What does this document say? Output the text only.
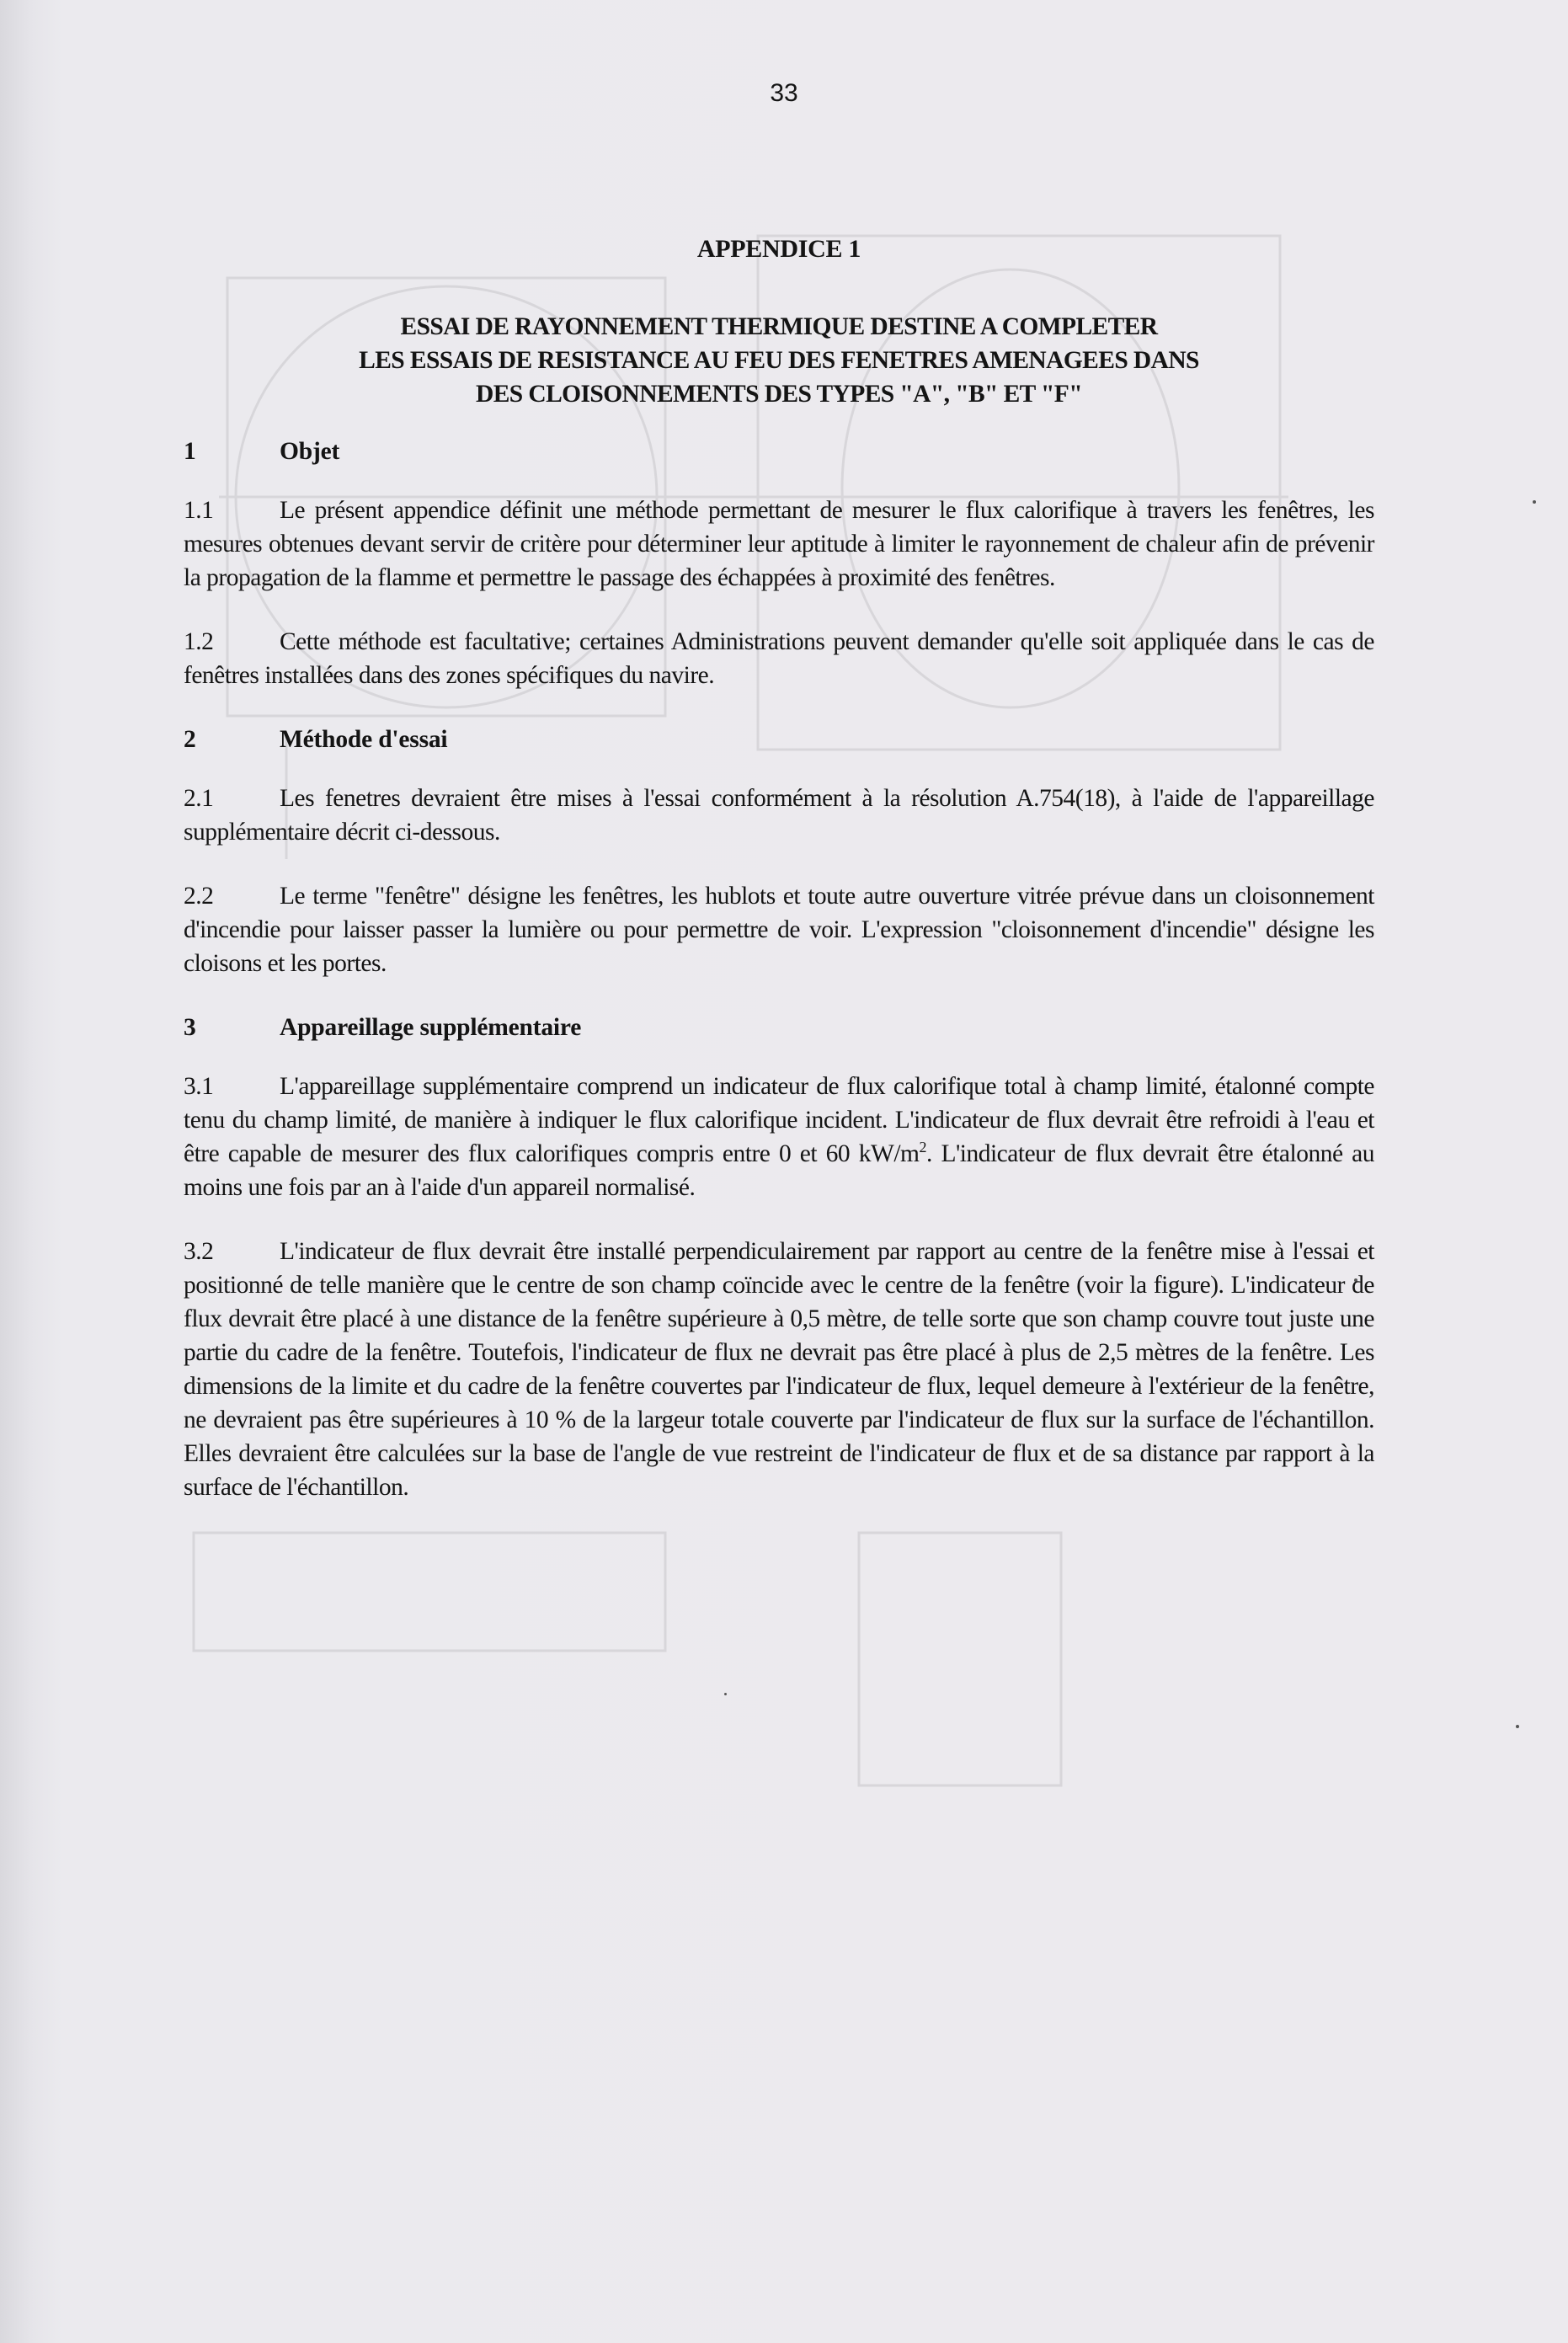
33
APPENDICE 1
ESSAI DE RAYONNEMENT THERMIQUE DESTINE A COMPLETER
LES ESSAIS DE RESISTANCE AU FEU DES FENETRES AMENAGEES DANS
DES CLOISONNEMENTS DES TYPES "A", "B" ET "F"
1	Objet

1.1	Le présent appendice définit une méthode permettant de mesurer le flux calorifique à travers les fenêtres, les mesures obtenues devant servir de critère pour déterminer leur aptitude à limiter le rayonnement de chaleur afin de prévenir la propagation de la flamme et permettre le passage des échappées à proximité des fenêtres.

1.2	Cette méthode est facultative; certaines Administrations peuvent demander qu'elle soit appliquée dans le cas de fenêtres installées dans des zones spécifiques du navire.

2	Méthode d'essai

2.1	Les fenetres devraient être mises à l'essai conformément à la résolution A.754(18), à l'aide de l'appareillage supplémentaire décrit ci-dessous.

2.2	Le terme "fenêtre" désigne les fenêtres, les hublots et toute autre ouverture vitrée prévue dans un cloisonnement d'incendie pour laisser passer la lumière ou pour permettre de voir. L'expression "cloisonnement d'incendie" désigne les cloisons et les portes.

3	Appareillage supplémentaire

3.1	L'appareillage supplémentaire comprend un indicateur de flux calorifique total à champ limité, étalonné compte tenu du champ limité, de manière à indiquer le flux calorifique incident. L'indicateur de flux devrait être refroidi à l'eau et être capable de mesurer des flux calorifiques compris entre 0 et 60 $kW/m^2$. L'indicateur de flux devrait être étalonné au moins une fois par an à l'aide d'un appareil normalisé.

3.2	L'indicateur de flux devrait être installé perpendiculairement par rapport au centre de la fenêtre mise à l'essai et positionné de telle manière que le centre de son champ coïncide avec le centre de la fenêtre (voir la figure). L'indicateur de flux devrait être placé à une distance de la fenêtre supérieure à 0,5 mètre, de telle sorte que son champ couvre tout juste une partie du cadre de la fenêtre. Toutefois, l'indicateur de flux ne devrait pas être placé à plus de 2,5 mètres de la fenêtre. Les dimensions de la limite et du cadre de la fenêtre couvertes par l'indicateur de flux, lequel demeure à l'extérieur de la fenêtre, ne devraient pas être supérieures à 10 % de la largeur totale couverte par l'indicateur de flux sur la surface de l'échantillon. Elles devraient être calculées sur la base de l'angle de vue restreint de l'indicateur de flux et de sa distance par rapport à la surface de l'échantillon.
